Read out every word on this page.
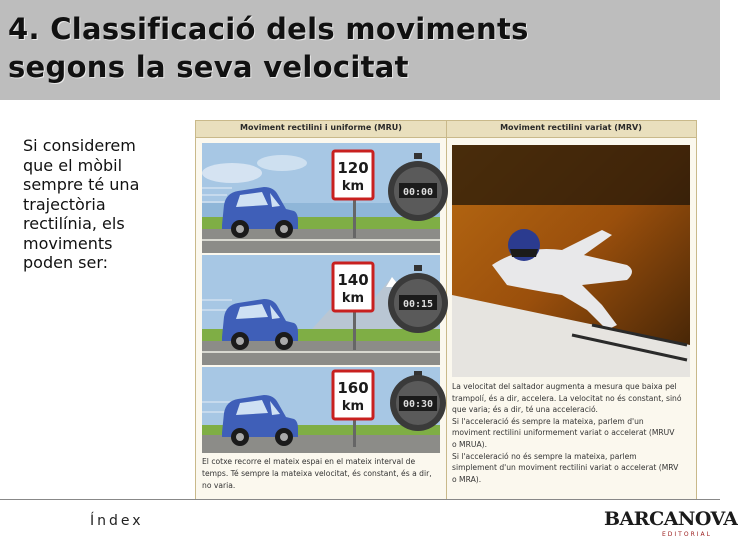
4. Classificació dels moviments
segons la seva velocitat
Si considerem
que el mòbil
sempre té una
trajectòria
rectilínia, els
moviments
poden ser:
Moviment rectilini i uniforme (MRU)	Moviment rectilini variat (MRV)
120
km	00:00
140
km	00:15
160
km	00:30
El cotxe recorre el mateix espai en el mateix interval de
temps. Té sempre la mateixa velocitat, és constant, és a dir,
no varia.
La velocitat del saltador augmenta a mesura que baixa pel
trampolí, és a dir, accelera. La velocitat no és constant, sinó
que varia; és a dir, té una acceleració.
Si l'acceleració és sempre la mateixa, parlem d'un
moviment rectilini uniformement variat o accelerat (MRUV
o MRUA).
Si l'acceleració no és sempre la mateixa, parlem
simplement d'un moviment rectilini variat o accelerat (MRV
o MRA).
Índex	BARCANOVA
EDITORIAL
